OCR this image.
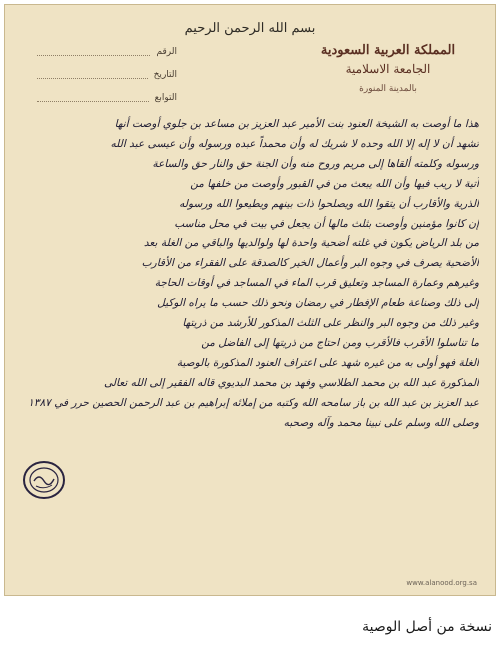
بسم الله الرحمن الرحيم
المملكة العربية السعودية
الجامعة الاسلامية
بالمدينة المنورة
الرقم
التاريخ
التوابع
هذا ما أوصت به الشيخة العنود بنت الأمير عبد العزيز بن مساعد بن جلوي أوصت أنها
تشهد أن لا إله إلا الله وحده لا شريك له وأن محمداً عبده ورسوله وأن عيسى عبد الله
ورسوله وكلمته ألقاها إلى مريم وروح منه وأن الجنة حق والنار حق والساعة
آتية لا ريب فيها وأن الله يبعث من في القبور وأوصت من خلفها من
الذرية والأقارب أن يتقوا الله ويصلحوا ذات بينهم ويطيعوا الله ورسوله
إن كانوا مؤمنين وأوصت بثلث مالها أن يجعل في بيت في محل مناسب
من بلد الرياض يكون في غلته أضحية واحدة لها ولوالديها والباقي من الغلة بعد
الأضحية يصرف في وجوه البر وأعمال الخير كالصدقة على الفقراء من الأقارب
وغيرهم وعمارة المساجد وتعليق قرب الماء في المساجد في أوقات الحاجة
إلى ذلك وصناعة طعام الإفطار في رمضان ونحو ذلك حسب ما يراه الوكيل
وغير ذلك من وجوه البر والنظر على الثلث المذكور للأرشد من ذريتها
ما تناسلوا الأقرب فالأقرب ومن احتاج من ذريتها إلى الفاضل من
الغلة فهو أولى به من غيره شهد على اعتراف العنود المذكورة بالوصية
المذكورة عبد الله بن محمد الطلاسي وفهد بن محمد البديوي قاله الفقير إلى الله تعالى
عبد العزيز بن عبد الله بن باز سامحه الله وكتبه من إملائه إبراهيم بن عبد الرحمن الحصين حرر في ١٣٨٧
وصلى الله وسلم على نبينا محمد وآله وصحبه
www.alanood.org.sa
نسخة من أصل الوصية
